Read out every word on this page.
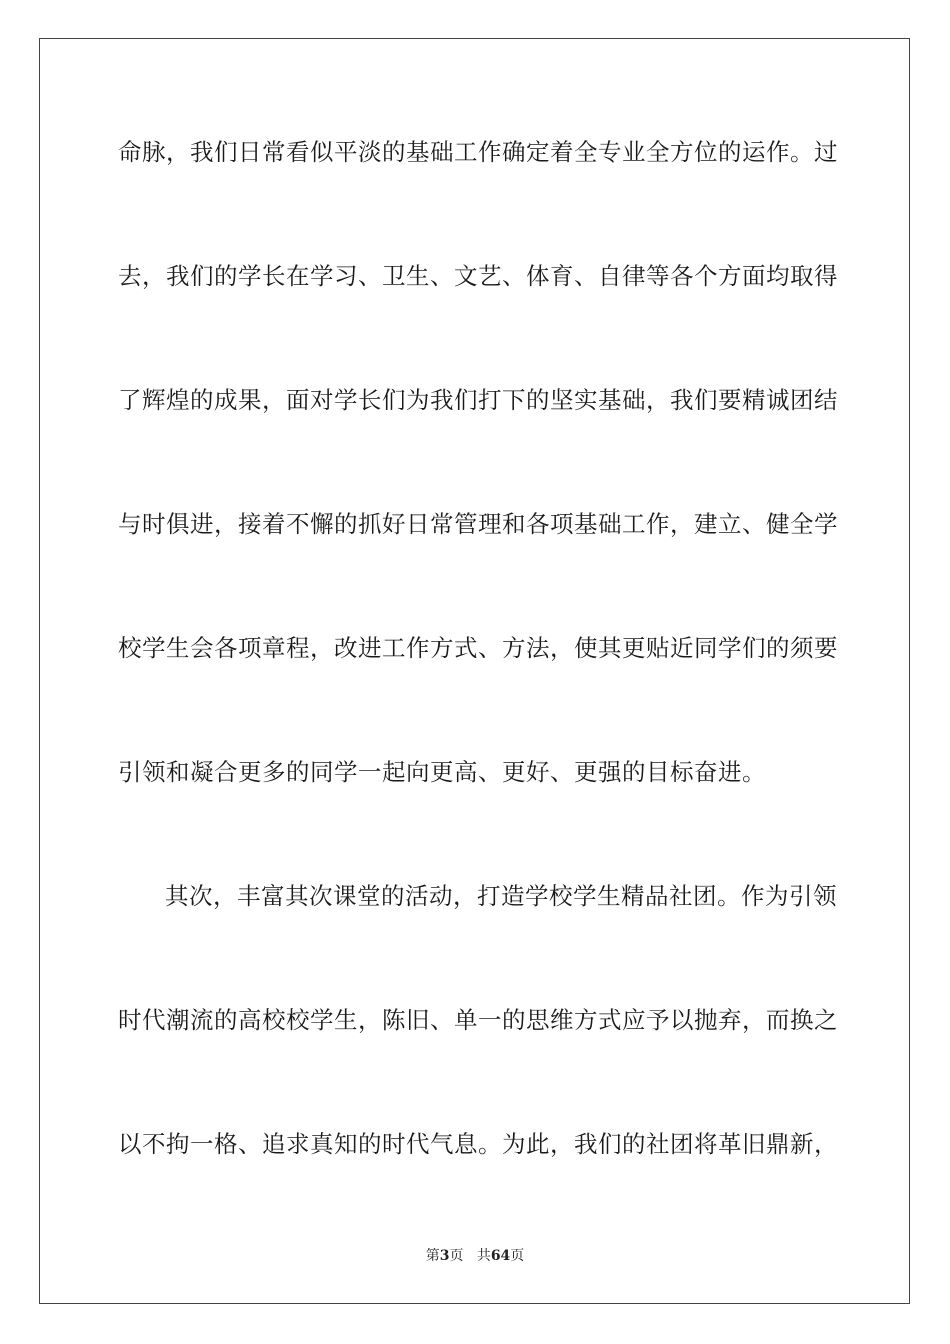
命脉，我们日常看似平淡的基础工作确定着全专业全方位的运作。过
去，我们的学长在学习、卫生、文艺、体育、自律等各个方面均取得
了辉煌的成果，面对学长们为我们打下的坚实基础，我们要精诚团结
与时俱进，接着不懈的抓好日常管理和各项基础工作，建立、健全学
校学生会各项章程，改进工作方式、方法，使其更贴近同学们的须要
引领和凝合更多的同学一起向更高、更好、更强的目标奋进。
其次，丰富其次课堂的活动，打造学校学生精品社团。作为引领
时代潮流的高校校学生，陈旧、单一的思维方式应予以抛弃，而换之
以不拘一格、追求真知的时代气息。为此，我们的社团将革旧鼎新，
第3页 共64页
